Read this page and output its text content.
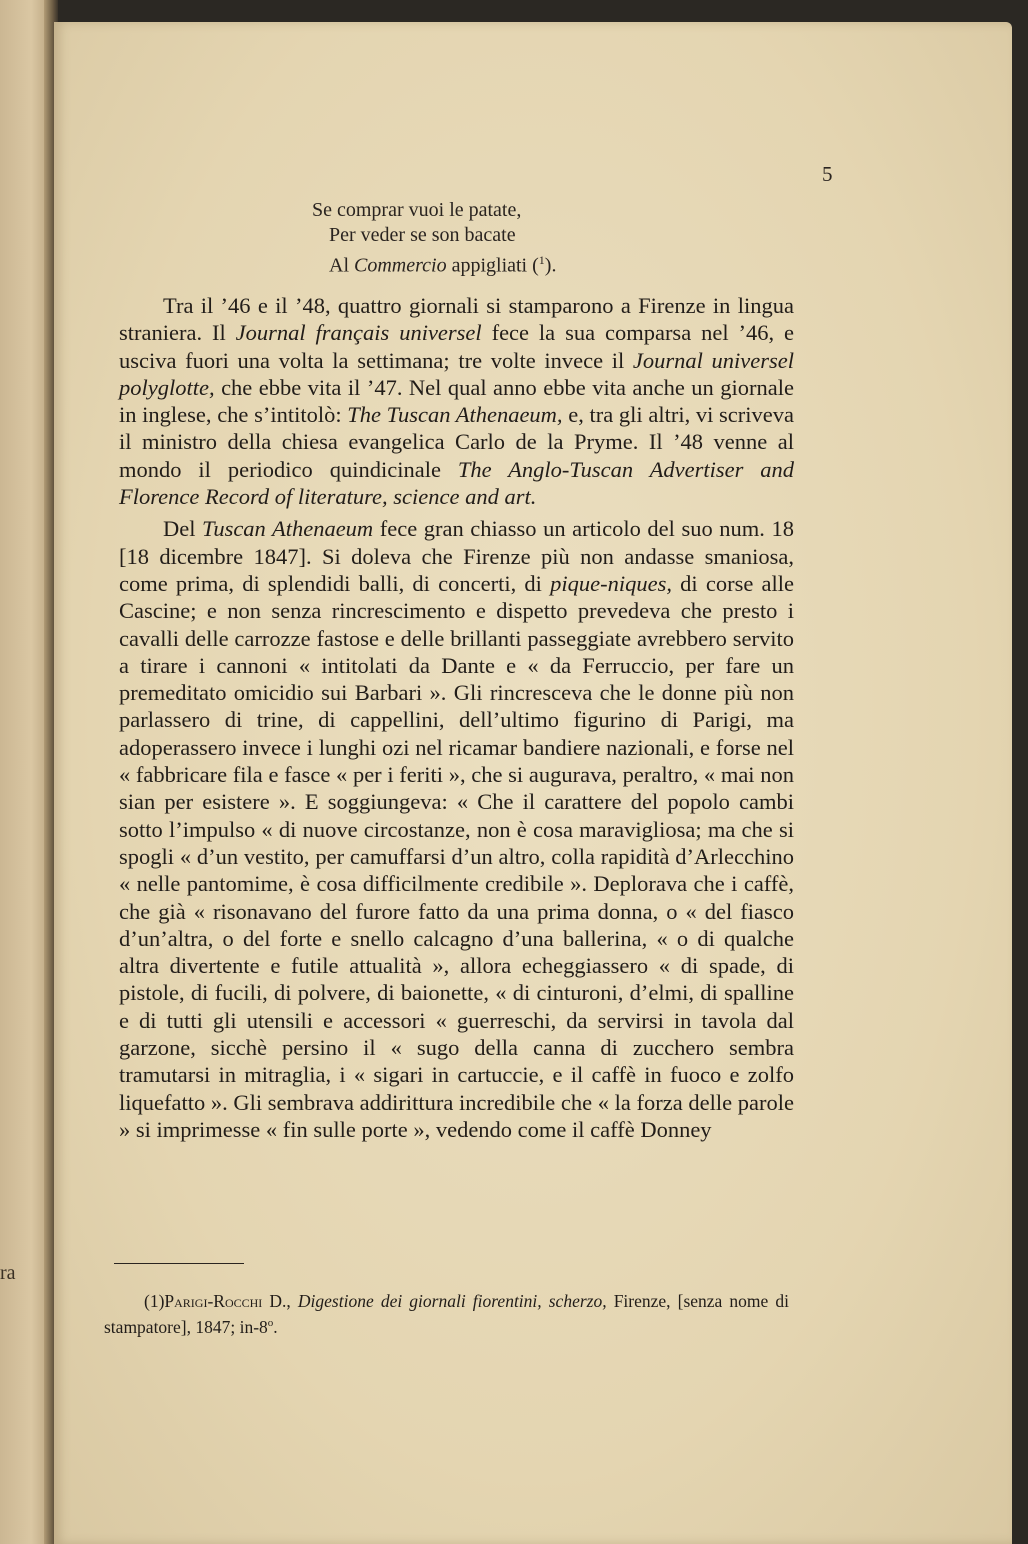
ra
5
Se comprar vuoi le patate,
Per veder se son bacate
Al Commercio appigliati ($^1$).

Tra il ’46 e il ’48, quattro giornali si stamparono a Firenze in lingua straniera. Il Journal français universel fece la sua comparsa nel ’46, e usciva fuori una volta la settimana; tre volte invece il Journal universel polyglotte, che ebbe vita il ’47. Nel qual anno ebbe vita anche un giornale in inglese, che s’intitolò: The Tuscan Athenaeum, e, tra gli altri, vi scriveva il ministro della chiesa evangelica Carlo de la Pryme. Il ’48 venne al mondo il periodico quindicinale The Anglo-Tuscan Advertiser and Florence Record of literature, science and art.

Del Tuscan Athenaeum fece gran chiasso un articolo del suo num. 18 [18 dicembre 1847]. Si doleva che Firenze più non andasse smaniosa, come prima, di splendidi balli, di concerti, di pique-niques, di corse alle Cascine; e non senza rincrescimento e dispetto prevedeva che presto i cavalli delle carrozze fastose e delle brillanti passeggiate avrebbero servito a tirare i cannoni « intitolati da Dante e « da Ferruccio, per fare un premeditato omicidio sui Barbari ». Gli rincresceva che le donne più non parlassero di trine, di cappellini, dell’ultimo figurino di Parigi, ma adoperassero invece i lunghi ozi nel ricamar bandiere nazionali, e forse nel « fabbricare fila e fasce « per i feriti », che si augurava, peraltro, « mai non sian per esistere ». E soggiungeva: « Che il carattere del popolo cambi sotto l’impulso « di nuove circostanze, non è cosa maravigliosa; ma che si spogli « d’un vestito, per camuffarsi d’un altro, colla rapidità d’Arlecchino « nelle pantomime, è cosa difficilmente credibile ». Deplorava che i caffè, che già « risonavano del furore fatto da una prima donna, o « del fiasco d’un’altra, o del forte e snello calcagno d’una ballerina, « o di qualche altra divertente e futile attualità », allora echeggiassero « di spade, di pistole, di fucili, di polvere, di baionette, « di cinturoni, d’elmi, di spalline e di tutti gli utensili e accessori « guerreschi, da servirsi in tavola dal garzone, sicchè persino il « sugo della canna di zucchero sembra tramutarsi in mitraglia, i « sigari in cartuccie, e il caffè in fuoco e zolfo liquefatto ». Gli sembrava addirittura incredibile che « la forza delle parole » si imprimesse « fin sulle porte », vedendo come il caffè Donney

(1)Parigi-Rocchi D., Digestione dei giornali fiorentini, scherzo, Firenze, [senza nome di stampatore], 1847; in-8$^o$.
